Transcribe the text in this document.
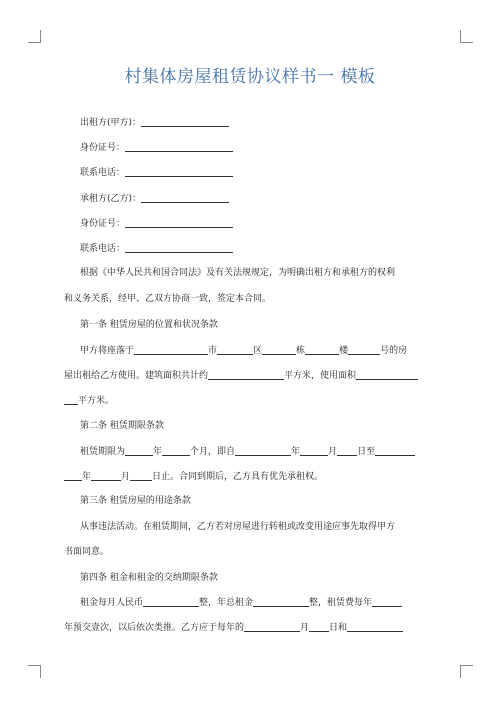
村集体房屋租赁协议样书一 模板
出租方(甲方)：
身份证号：
联系电话：
承租方(乙方)：
身份证号：
联系电话：
根据《中华人民共和国合同法》及有关法规规定，为明确出租方和承租方的权利
和义务关系，经甲、乙双方协商一致，签定本合同。
第一条 租赁房屋的位置和状况条款
甲方将座落于	市	区	栋	楼	号的房
屋出租给乙方使用。建筑面积共计约	平方米，使用面积
平方米。
第二条 租赁期限条款
租赁期限为	年	个月，即自	年	月 日至
年	月 日止。合同到期后，乙方具有优先承租权。
第三条 租赁房屋的用途条款
从事违法活动。在租赁期间，乙方若对房屋进行转租或改变用途应事先取得甲方
书面同意。
第四条 租金和租金的交纳期限条款
租金每月人民币	整，年总租金	整，租赁费每年
年预交壹次，以后依次类推。乙方应于每年的	月 日和
